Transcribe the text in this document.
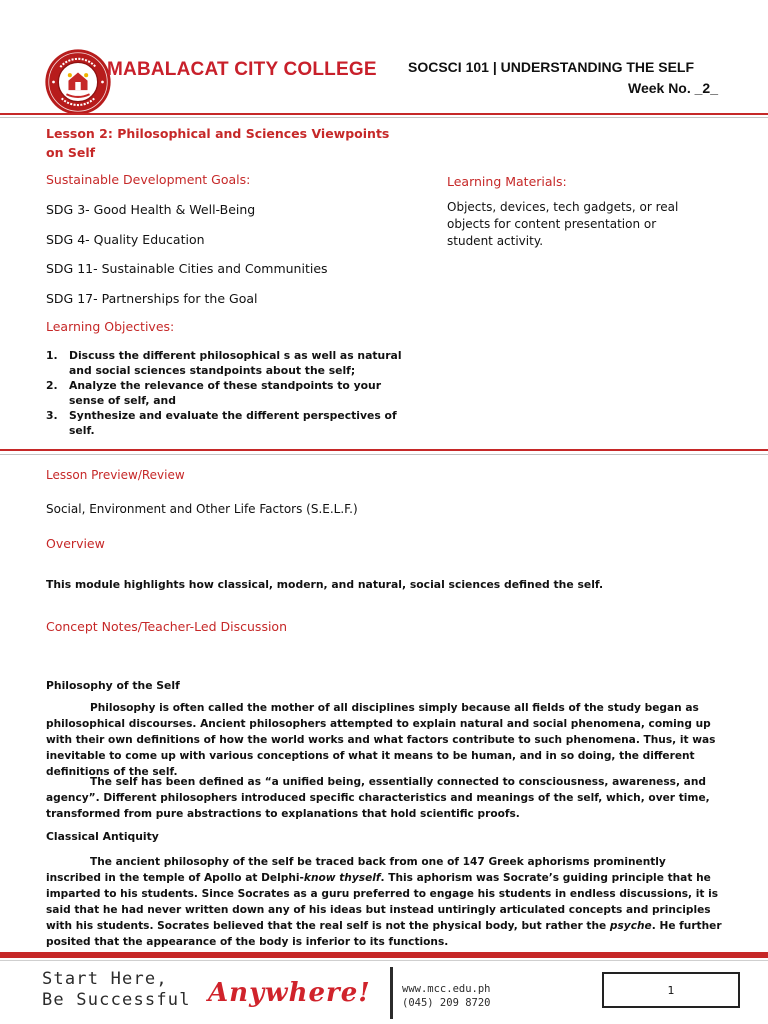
MABALACAT CITY COLLEGE SOCSCI 101 | UNDERSTANDING THE SELF
Week No. _2_
Lesson 2: Philosophical and Sciences Viewpoints on Self
Sustainable Development Goals:
SDG 3- Good Health & Well-Being
SDG 4- Quality Education
SDG 11- Sustainable Cities and Communities
SDG 17- Partnerships for the Goal
Learning Materials:
Objects, devices, tech gadgets, or real objects for content presentation or student activity.
Learning Objectives:
1. Discuss the different philosophical s as well as natural and social sciences standpoints about the self;
2. Analyze the relevance of these standpoints to your sense of self, and
3. Synthesize and evaluate the different perspectives of self.
Lesson Preview/Review
Social, Environment and Other Life Factors (S.E.L.F.)
Overview
This module highlights how classical, modern, and natural, social sciences defined the self.
Concept Notes/Teacher-Led Discussion
Philosophy of the Self

Philosophy is often called the mother of all disciplines simply because all fields of the study began as philosophical discourses. Ancient philosophers attempted to explain natural and social phenomena, coming up with their own definitions of how the world works and what factors contribute to such phenomena. Thus, it was inevitable to come up with various conceptions of what it means to be human, and in so doing, the different definitions of the self.

The self has been defined as “a unified being, essentially connected to consciousness, awareness, and agency”. Different philosophers introduced specific characteristics and meanings of the self, which, over time, transformed from pure abstractions to explanations that hold scientific proofs.

Classical Antiquity

The ancient philosophy of the self be traced back from one of 147 Greek aphorisms prominently inscribed in the temple of Apollo at Delphi-know thyself. This aphorism was Socrate’s guiding principle that he imparted to his students. Since Socrates as a guru preferred to engage his students in endless discussions, it is said that he had never written down any of his ideas but instead untiringly articulated concepts and principles with his students. Socrates believed that the real self is not the physical body, but rather the psyche. He further posited that the appearance of the body is inferior to its functions.

Start Here,
Be Successful Anywhere!	www.mcc.edu.ph
(045) 209 8720
1
